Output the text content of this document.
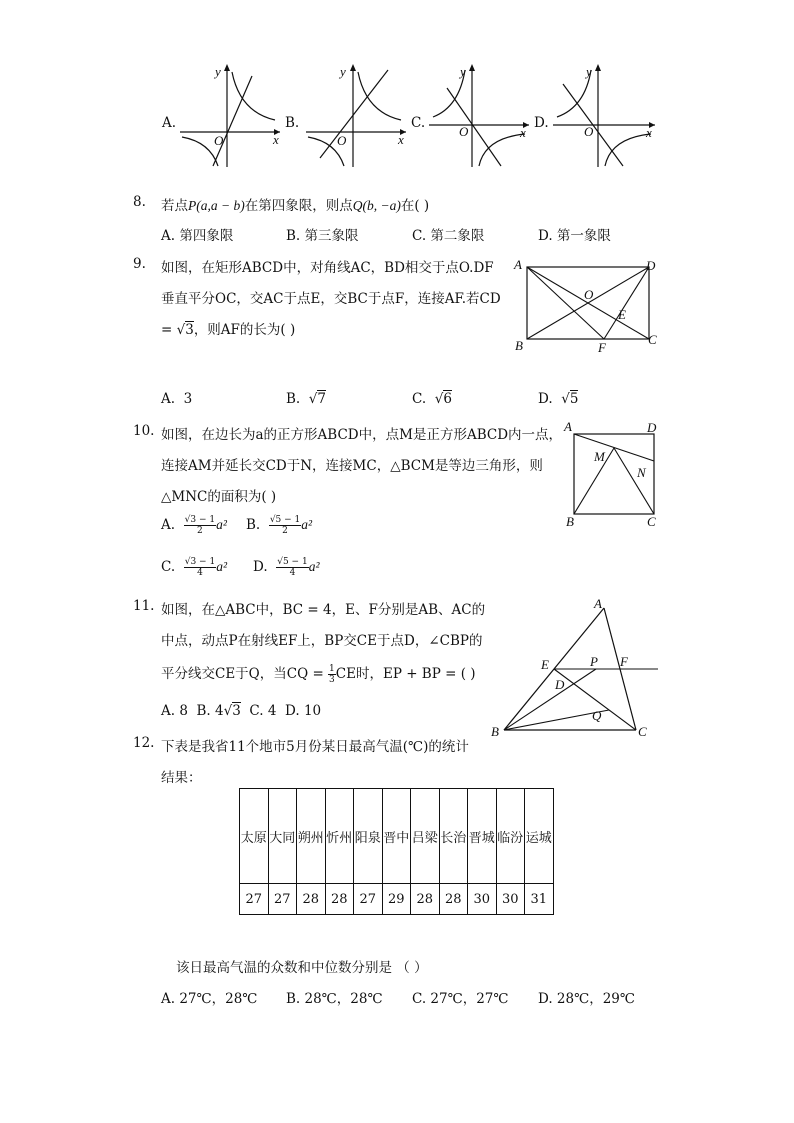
A.
y
x
O
B.
y
x
O
C.
y
x
O
D.
y
x
O
8. 若点P(a,a − b)在第四象限，则点Q(b, −a)在( )
A. 第四象限	B. 第三象限	C. 第二象限	D. 第一象限
9. 如图，在矩形ABCD中，对角线AC，BD相交于点O.DF
垂直平分OC，交AC于点E，交BC于点F，连接AF.若CD
= √3，则AF的长为( )
A	D
O
E
B	F
C
A. 3	B.  √7	C.  √6	D.  √5
10. 如图，在边长为a的正方形ABCD中，点M是正方形ABCD内一点，
连接AM并延长交CD于N，连接MC，△BCM是等边三角形，则
△MNC的面积为( )
A	D
M
N
B	C
A. $\frac{√3 - 1}{2} a^2$ B. $\frac{√5 - 1}{2} a^2$
C. $\frac{√3 - 1}{4} a^2$ D. $\frac{√5 - 1}{4} a^2$
11. 如图，在△ABC中，BC = 4，E、F分别是AB、AC的
中点，动点P在射线EF上，BP交CE于点D，∠CBP的
平分线交CE于Q，当CQ = $\frac{1}{3}$ CE时，EP + BP = ( )
A. 8 B. 4√3 C. 4 D. 10
A
E	P F
D
Q
B	C
12. 下表是我省11个地市5月份某日最高气温(℃)的统计
结果：
太原	大同	朔州	忻州	阳泉	晋中	吕梁	长治	晋城	临汾	运城
27	27	28	28	27	29	28	28	30	30	31
该日最高气温的众数和中位数分别是 （ ）
A. 27℃，28℃ B. 28℃，28℃ C. 27℃，27℃ D. 28℃，29℃
